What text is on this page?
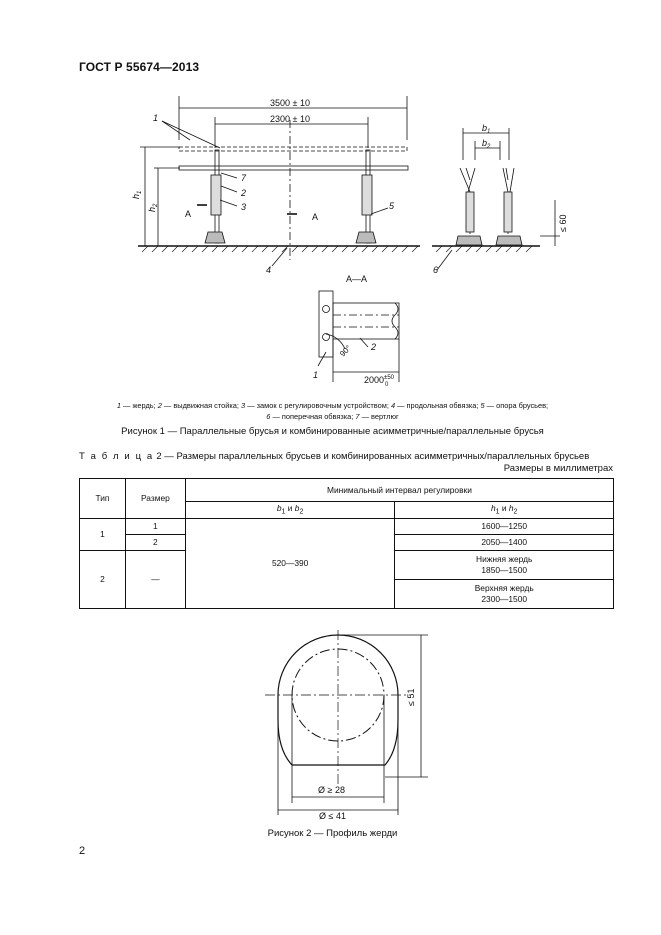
ГОСТ Р 55674—2013
3500 ± 10
2300 ± 10
$h_1$
$h_2$
1
2
3
4
5
6
7
А	А
$b_1$
$b_2$
≤ 60
А—А
90°
1
2
$2000^{\pm 50}$
0
1 — жердь; 2 — выдвижная стойка; 3 — замок с регулировочным устройством; 4 — продольная обвязка; 5 — опора брусьев;
6 — поперечная обвязка; 7 — вертлюг
Рисунок 1 — Параллельные брусья и комбинированные асимметричные/параллельные брусья
Т а б л и ц а 2 — Размеры параллельных брусьев и комбинированных асимметричных/параллельных брусьев
Размеры в миллиметрах
Тип	Размер	Минимальный интервал регулировки	
		$b_1$ и $b_2$	$h_1$ и $h_2$
1	1	520—390	1600—1250
	2		2050—1400
2	—		Нижняя жердь
1850—1500
			Верхняя жердь
2300—1500
≤ 51
Ø ≥ 28
Ø ≤ 41
Рисунок 2 — Профиль жерди
2
